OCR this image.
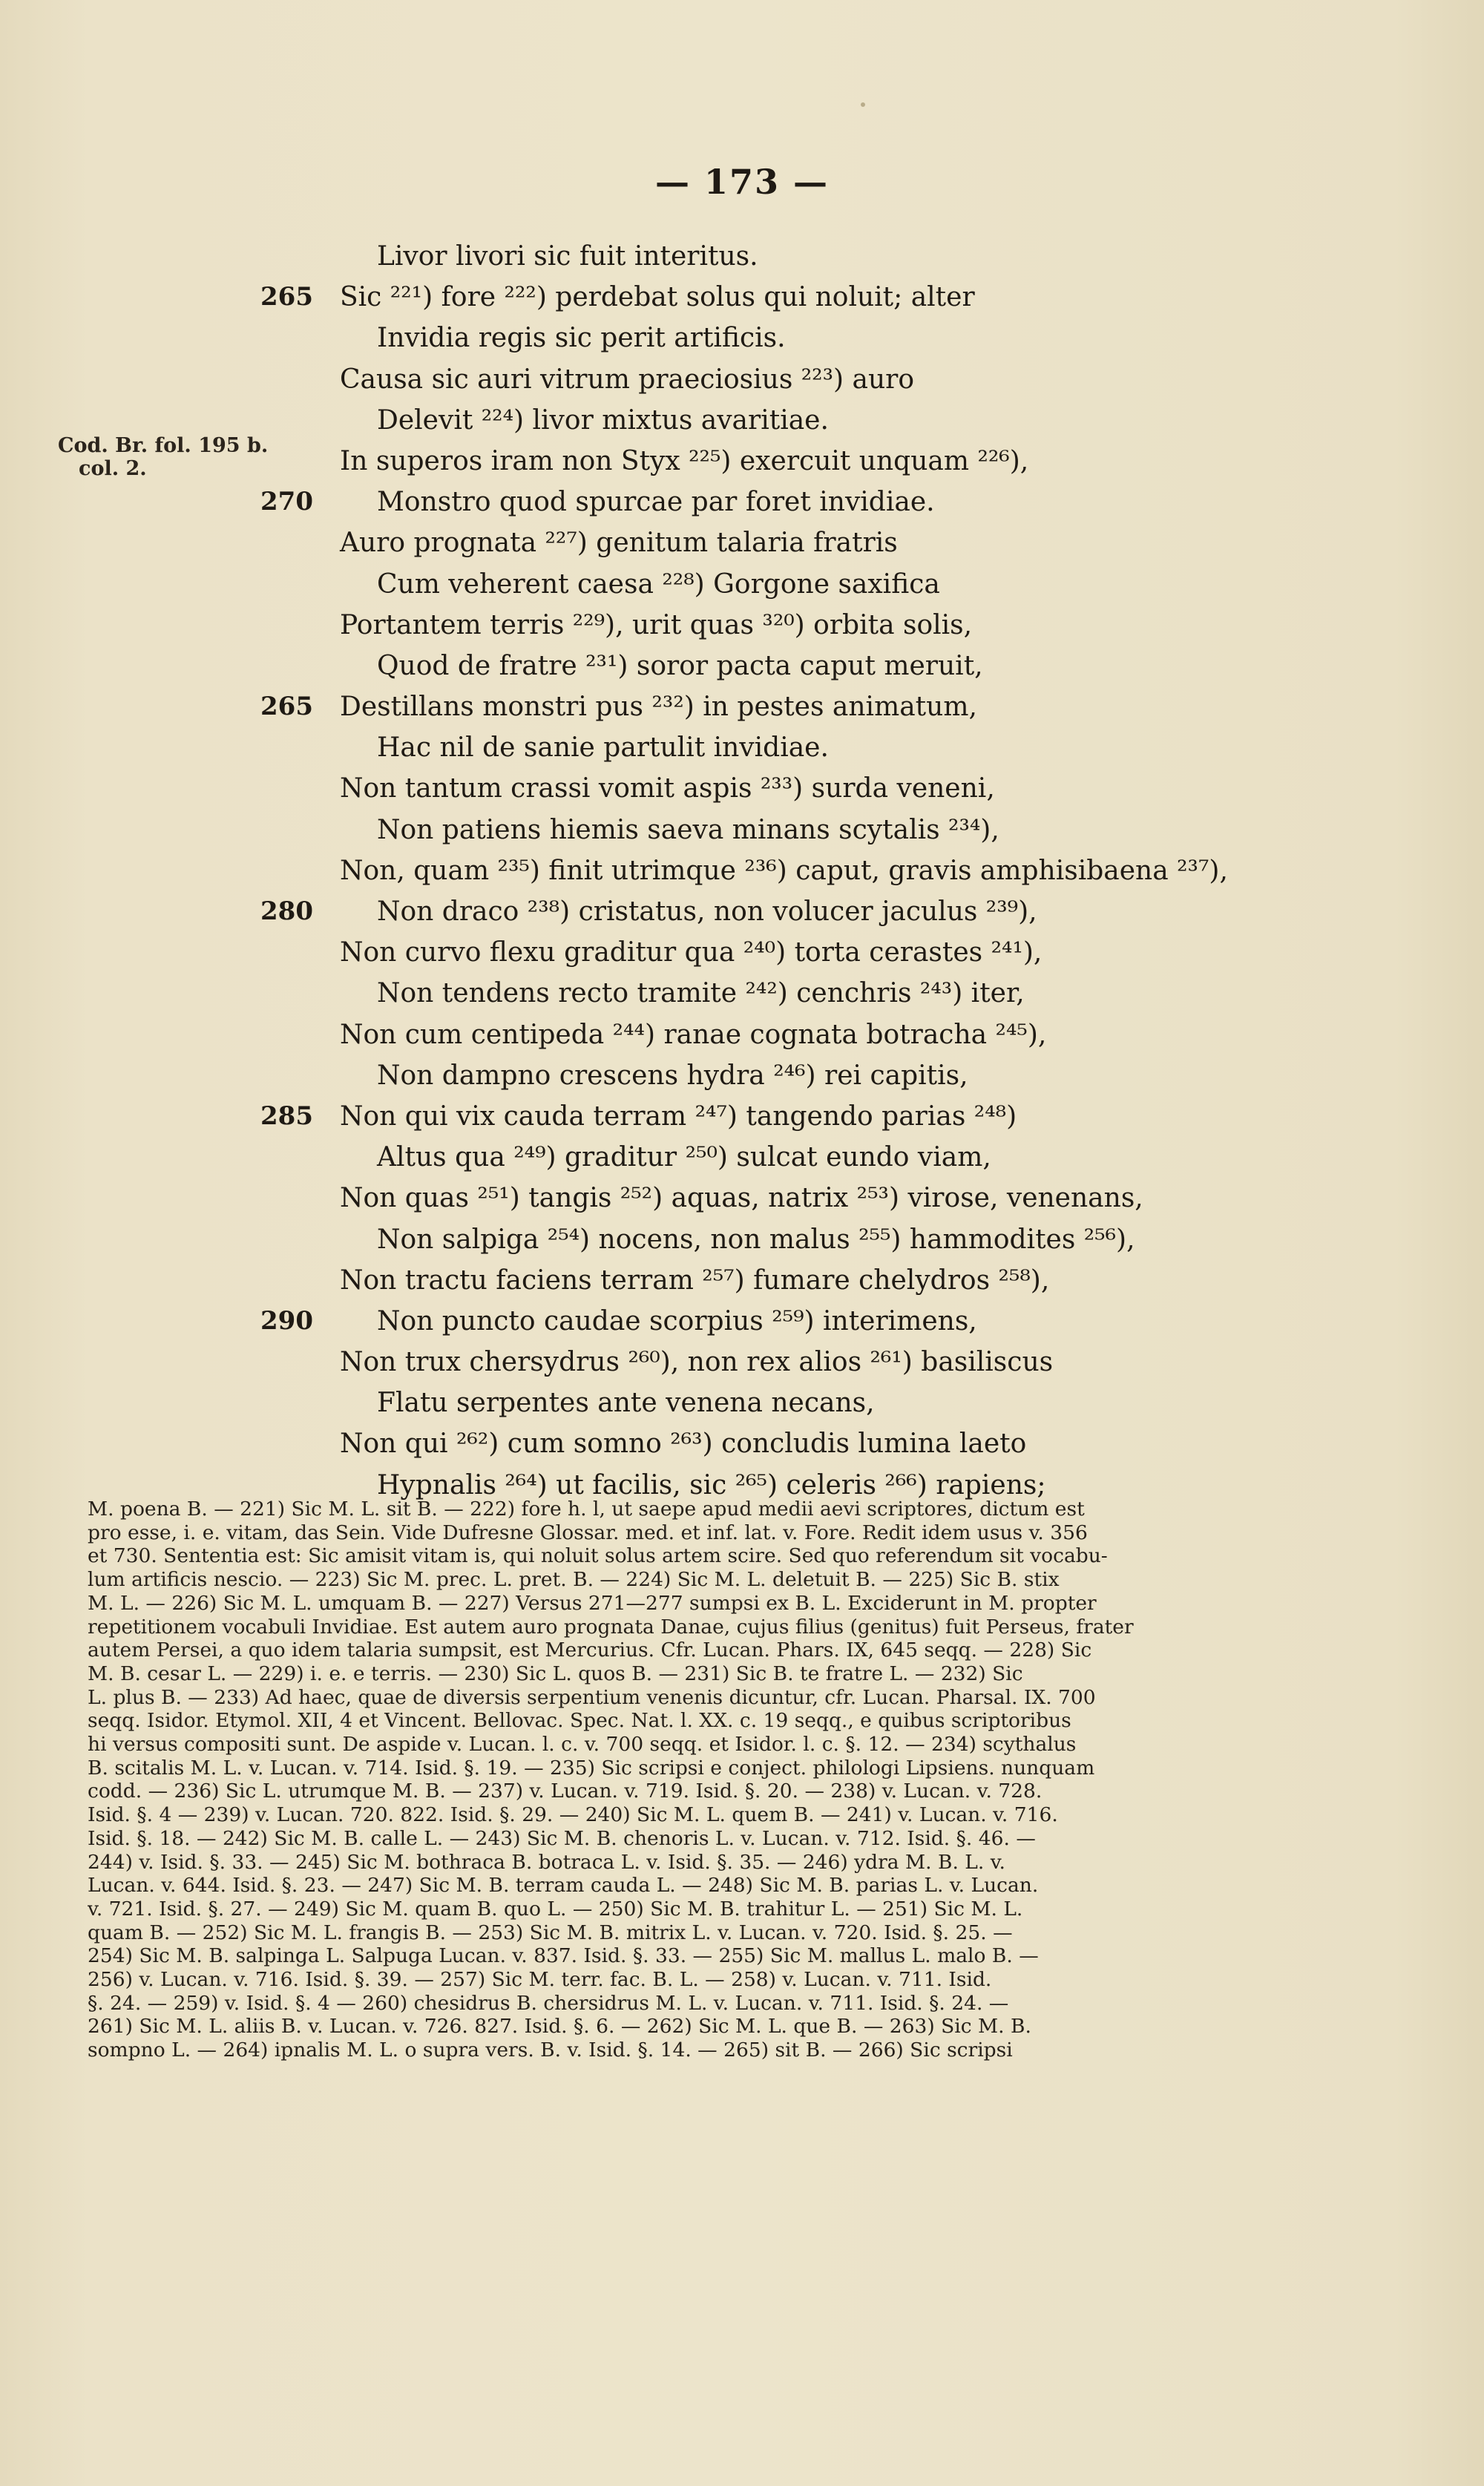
— 173 —
Cod. Br. fol. 195 b.
col. 2.
Livor livori sic fuit interitus.
265 Sic ²²¹) fore ²²²) perdebat solus qui noluit; alter
Invidia regis sic perit artificis.
Causa sic auri vitrum praeciosius ²²³) auro
Delevit ²²⁴) livor mixtus avaritiae.
In superos iram non Styx ²²⁵) exercuit unquam ²²⁶),
270 Monstro quod spurcae par foret invidiae.
Auro prognata ²²⁷) genitum talaria fratris
Cum veherent caesa ²²⁸) Gorgone saxifica
Portantem terris ²²⁹), urit quas ³²⁰) orbita solis,
Quod de fratre ²³¹) soror pacta caput meruit,
265 Destillans monstri pus ²³²) in pestes animatum,
Hac nil de sanie partulit invidiae.
Non tantum crassi vomit aspis ²³³) surda veneni,
Non patiens hiemis saeva minans scytalis ²³⁴),
Non, quam ²³⁵) finit utrimque ²³⁶) caput, gravis amphisibaena ²³⁷),
280 Non draco ²³⁸) cristatus, non volucer jaculus ²³⁹),
Non curvo flexu graditur qua ²⁴⁰) torta cerastes ²⁴¹),
Non tendens recto tramite ²⁴²) cenchris ²⁴³) iter,
Non cum centipeda ²⁴⁴) ranae cognata botracha ²⁴⁵),
Non dampno crescens hydra ²⁴⁶) rei capitis,
285 Non qui vix cauda terram ²⁴⁷) tangendo parias ²⁴⁸)
Altus qua ²⁴⁹) graditur ²⁵⁰) sulcat eundo viam,
Non quas ²⁵¹) tangis ²⁵²) aquas, natrix ²⁵³) virose, venenans,
Non salpiga ²⁵⁴) nocens, non malus ²⁵⁵) hammodites ²⁵⁶),
Non tractu faciens terram ²⁵⁷) fumare chelydros ²⁵⁸),
290 Non puncto caudae scorpius ²⁵⁹) interimens,
Non trux chersydrus ²⁶⁰), non rex alios ²⁶¹) basiliscus
Flatu serpentes ante venena necans,
Non qui ²⁶²) cum somno ²⁶³) concludis lumina laeto
Hypnalis ²⁶⁴) ut facilis, sic ²⁶⁵) celeris ²⁶⁶) rapiens;
M. poena B. — 221) Sic M. L. sit B. — 222) fore h. l, ut saepe apud medii aevi scriptores, dictum est
pro esse, i. e. vitam, das Sein. Vide Dufresne Glossar. med. et inf. lat. v. Fore. Redit idem usus v. 356
et 730. Sententia est: Sic amisit vitam is, qui noluit solus artem scire. Sed quo referendum sit vocabu-
lum artificis nescio. — 223) Sic M. prec. L. pret. B. — 224) Sic M. L. deletuit B. — 225) Sic B. stix
M. L. — 226) Sic M. L. umquam B. — 227) Versus 271—277 sumpsi ex B. L. Exciderunt in M. propter
repetitionem vocabuli Invidiae. Est autem auro prognata Danae, cujus filius (genitus) fuit Perseus, frater
autem Persei, a quo idem talaria sumpsit, est Mercurius. Cfr. Lucan. Phars. IX, 645 seqq. — 228) Sic
M. B. cesar L. — 229) i. e. e terris. — 230) Sic L. quos B. — 231) Sic B. te fratre L. — 232) Sic
L. plus B. — 233) Ad haec, quae de diversis serpentium venenis dicuntur, cfr. Lucan. Pharsal. IX. 700
seqq. Isidor. Etymol. XII, 4 et Vincent. Bellovac. Spec. Nat. l. XX. c. 19 seqq., e quibus scriptoribus
hi versus compositi sunt. De aspide v. Lucan. l. c. v. 700 seqq. et Isidor. l. c. §. 12. — 234) scythalus
B. scitalis M. L. v. Lucan. v. 714. Isid. §. 19. — 235) Sic scripsi e conject. philologi Lipsiens. nunquam
codd. — 236) Sic L. utrumque M. B. — 237) v. Lucan. v. 719. Isid. §. 20. — 238) v. Lucan. v. 728.
Isid. §. 4 — 239) v. Lucan. 720. 822. Isid. §. 29. — 240) Sic M. L. quem B. — 241) v. Lucan. v. 716.
Isid. §. 18. — 242) Sic M. B. calle L. — 243) Sic M. B. chenoris L. v. Lucan. v. 712. Isid. §. 46. —
244) v. Isid. §. 33. — 245) Sic M. bothraca B. botraca L. v. Isid. §. 35. — 246) ydra M. B. L. v.
Lucan. v. 644. Isid. §. 23. — 247) Sic M. B. terram cauda L. — 248) Sic M. B. parias L. v. Lucan.
v. 721. Isid. §. 27. — 249) Sic M. quam B. quo L. — 250) Sic M. B. trahitur L. — 251) Sic M. L.
quam B. — 252) Sic M. L. frangis B. — 253) Sic M. B. mitrix L. v. Lucan. v. 720. Isid. §. 25. —
254) Sic M. B. salpinga L. Salpuga Lucan. v. 837. Isid. §. 33. — 255) Sic M. mallus L. malo B. —
256) v. Lucan. v. 716. Isid. §. 39. — 257) Sic M. terr. fac. B. L. — 258) v. Lucan. v. 711. Isid.
§. 24. — 259) v. Isid. §. 4 — 260) chesidrus B. chersidrus M. L. v. Lucan. v. 711. Isid. §. 24. —
261) Sic M. L. aliis B. v. Lucan. v. 726. 827. Isid. §. 6. — 262) Sic M. L. que B. — 263) Sic M. B.
sompno L. — 264) ipnalis M. L. o supra vers. B. v. Isid. §. 14. — 265) sit B. — 266) Sic scripsi
